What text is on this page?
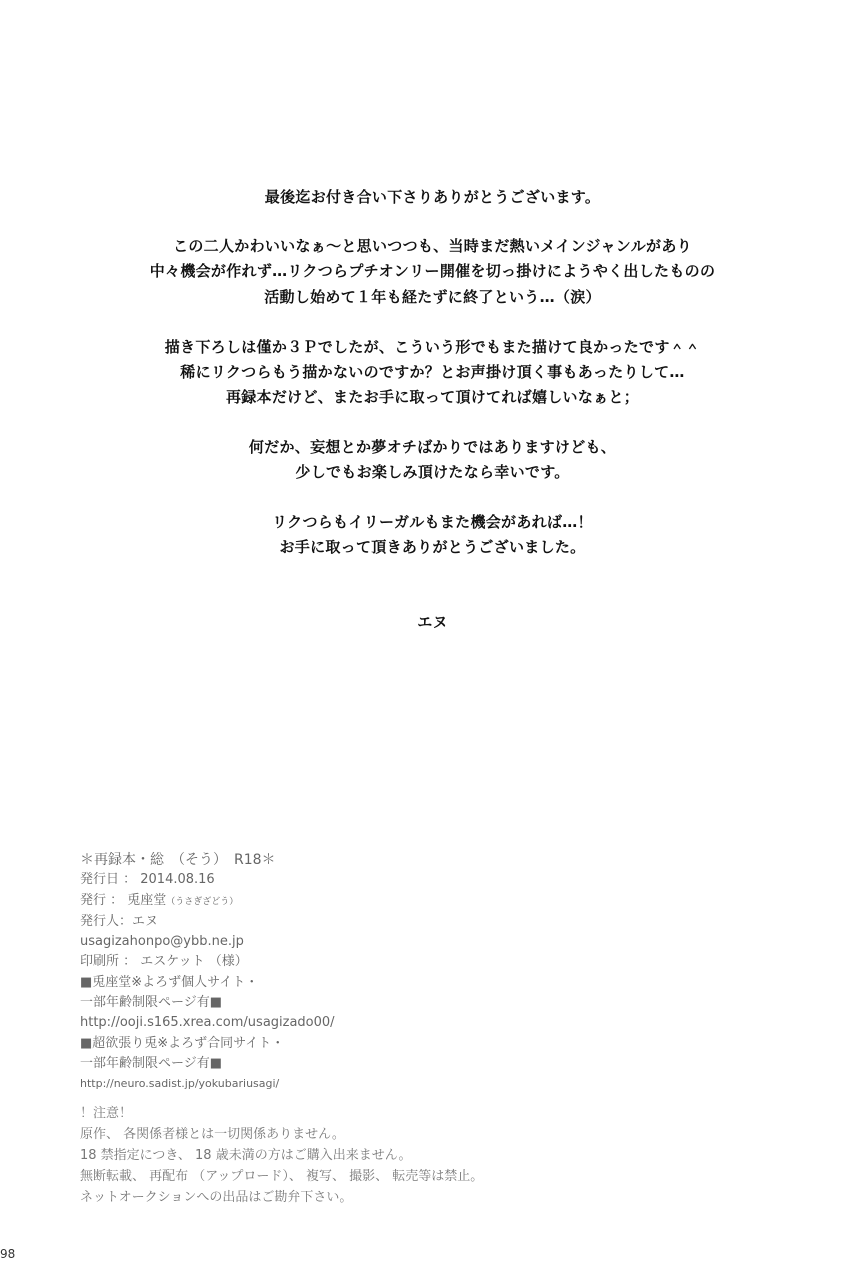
最後迄お付き合い下さりありがとうございます。
この二人かわいいなぁ～と思いつつも、当時まだ熱いメインジャンルがあり
中々機会が作れず…リクつらプチオンリー開催を切っ掛けにようやく出したものの
活動し始めて１年も経たずに終了という…（涙）
描き下ろしは僅か３Ｐでしたが、こういう形でもまた描けて良かったです＾＾
稀にリクつらもう描かないのですか？とお声掛け頂く事もあったりして…
再録本だけど、またお手に取って頂けてれば嬉しいなぁと；
何だか、妄想とか夢オチばかりではありますけども、
少しでもお楽しみ頂けたなら幸いです。
リクつらもイリーガルもまた機会があれば…！
お手に取って頂きありがとうございました。
エヌ
＊再録本・総　（そう）　R18＊
発行日 ： 2014.08.16
発行 ： 兎座堂（うさぎざどう）
発行人：エヌ
usagizahonpo@ybb.ne.jp
印刷所 ： エスケット （様）
■兎座堂※よろず個人サイト・
一部年齢制限ページ有■
http://ooji.s165.xrea.com/usagizado00/
■超欲張り兎※よろず合同サイト・
一部年齢制限ページ有■
http://neuro.sadist.jp/yokubariusagi/
！注意！
原作、 各関係者様とは一切関係ありません。
18 禁指定につき、 18 歳未満の方はご購入出来ません。
無断転載、 再配布 （アップロード）、 複写、 撮影、 転売等は禁止。
ネットオークションへの出品はご勘弁下さい。
98
